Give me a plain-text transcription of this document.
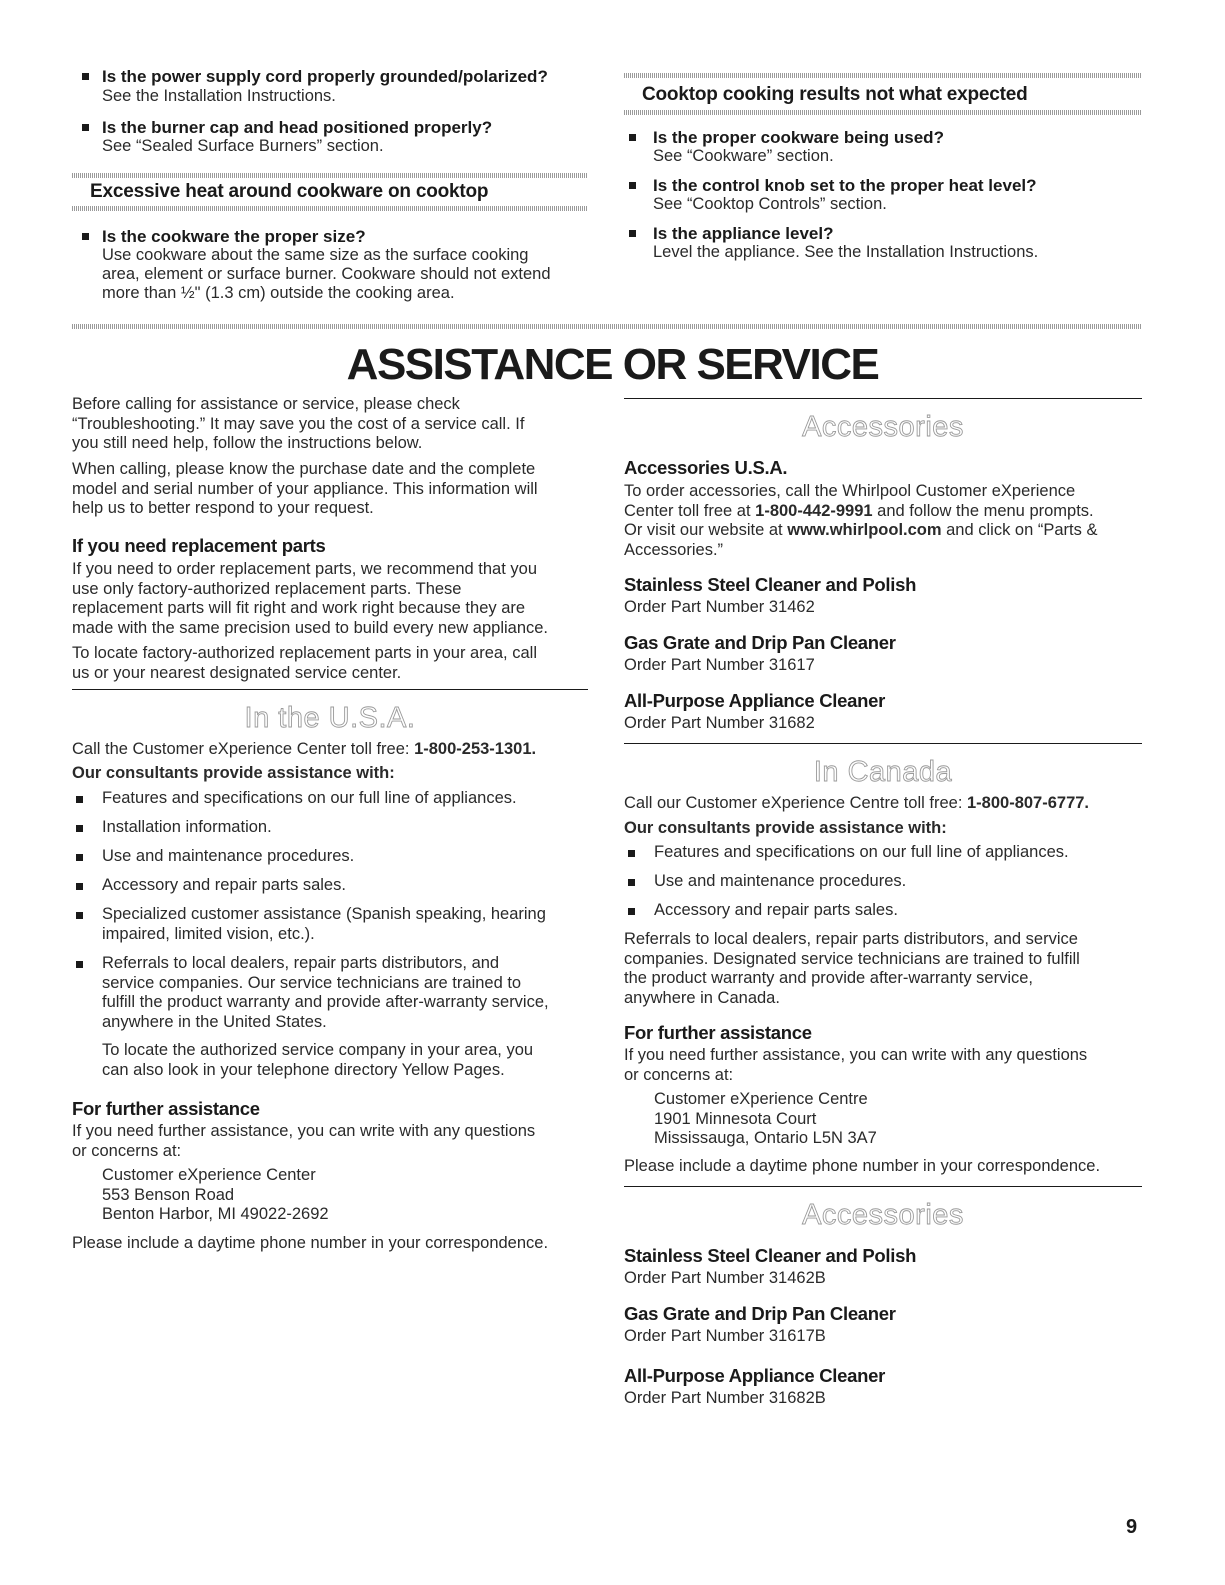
Is the power supply cord properly grounded/polarized?
See the Installation Instructions.
Is the burner cap and head positioned properly?
See “Sealed Surface Burners” section.
Excessive heat around cookware on cooktop
Is the cookware the proper size?
Use cookware about the same size as the surface cooking
area, element or surface burner. Cookware should not extend
more than ½" (1.3 cm) outside the cooking area.
Cooktop cooking results not what expected
Is the proper cookware being used?
See “Cookware” section.
Is the control knob set to the proper heat level?
See “Cooktop Controls” section.
Is the appliance level?
Level the appliance. See the Installation Instructions.
ASSISTANCE OR SERVICE
Before calling for assistance or service, please check
“Troubleshooting.” It may save you the cost of a service call. If
you still need help, follow the instructions below.
When calling, please know the purchase date and the complete
model and serial number of your appliance. This information will
help us to better respond to your request.
If you need replacement parts
If you need to order replacement parts, we recommend that you
use only factory-authorized replacement parts. These
replacement parts will fit right and work right because they are
made with the same precision used to build every new appliance.
To locate factory-authorized replacement parts in your area, call
us or your nearest designated service center.
In the U.S.A.
Call the Customer eXperience Center toll free: 1-800-253-1301.
Our consultants provide assistance with:
Features and specifications on our full line of appliances.
Installation information.
Use and maintenance procedures.
Accessory and repair parts sales.
Specialized customer assistance (Spanish speaking, hearing
impaired, limited vision, etc.).
Referrals to local dealers, repair parts distributors, and
service companies. Our service technicians are trained to
fulfill the product warranty and provide after-warranty service,
anywhere in the United States.
To locate the authorized service company in your area, you
can also look in your telephone directory Yellow Pages.
For further assistance
If you need further assistance, you can write with any questions
or concerns at:
Customer eXperience Center
553 Benson Road
Benton Harbor, MI 49022-2692
Please include a daytime phone number in your correspondence.
Accessories
Accessories U.S.A.
To order accessories, call the Whirlpool Customer eXperience
Center toll free at 1-800-442-9991 and follow the menu prompts.
Or visit our website at www.whirlpool.com and click on “Parts &
Accessories.”
Stainless Steel Cleaner and Polish
Order Part Number 31462
Gas Grate and Drip Pan Cleaner
Order Part Number 31617
All-Purpose Appliance Cleaner
Order Part Number 31682
In Canada
Call our Customer eXperience Centre toll free: 1-800-807-6777.
Our consultants provide assistance with:
Features and specifications on our full line of appliances.
Use and maintenance procedures.
Accessory and repair parts sales.
Referrals to local dealers, repair parts distributors, and service
companies. Designated service technicians are trained to fulfill
the product warranty and provide after-warranty service,
anywhere in Canada.
For further assistance
If you need further assistance, you can write with any questions
or concerns at:
Customer eXperience Centre
1901 Minnesota Court
Mississauga, Ontario L5N 3A7
Please include a daytime phone number in your correspondence.
Accessories
Stainless Steel Cleaner and Polish
Order Part Number 31462B
Gas Grate and Drip Pan Cleaner
Order Part Number 31617B
All-Purpose Appliance Cleaner
Order Part Number 31682B
9
